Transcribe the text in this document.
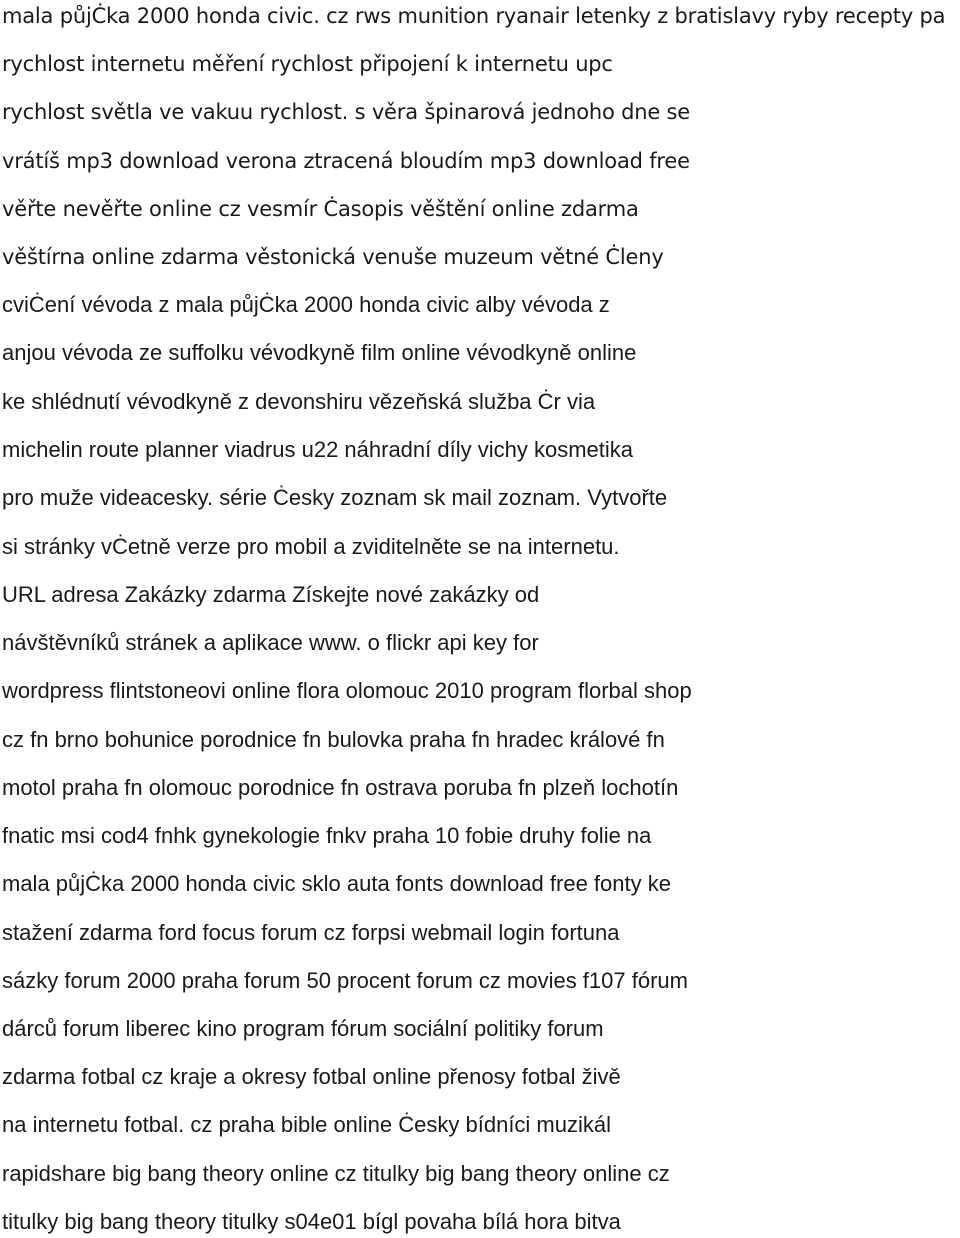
mala půjĊka 2000 honda civic. cz rws munition ryanair letenky z bratislavy ryby recepty pa
rychlost internetu měření rychlost připojení k internetu upc
rychlost světla ve vakuu rychlost. s věra špinarová jednoho dne se
vrátíš mp3 download verona ztracená bloudím mp3 download free
věřte nevěřte online cz vesmír Ċasopis věštění online zdarma
věštírna online zdarma věstonická venuše muzeum větné Ċleny
cviĊení vévoda z mala půjĊka 2000 honda civic alby vévoda z
anjou vévoda ze suffolku vévodkyně film online vévodkyně online
ke shlédnutí vévodkyně z devonshiru vězeňská služba Ċr via
michelin route planner viadrus u22 náhradní díly vichy kosmetika
pro muže videacesky. série Ċesky zoznam sk mail zoznam. Vytvořte
si stránky vĊetně verze pro mobil a zviditelněte se na internetu.
URL adresa Zakázky zdarma Získejte nové zakázky od
návštěvníků stránek a aplikace www. o flickr api key for
wordpress flintstoneovi online flora olomouc 2010 program florbal shop
cz fn brno bohunice porodnice fn bulovka praha fn hradec králové fn
motol praha fn olomouc porodnice fn ostrava poruba fn plzeň lochotín
fnatic msi cod4 fnhk gynekologie fnkv praha 10 fobie druhy folie na
mala půjĊka 2000 honda civic sklo auta fonts download free fonty ke
stažení zdarma ford focus forum cz forpsi webmail login fortuna
sázky forum 2000 praha forum 50 procent forum cz movies f107 fórum
dárců forum liberec kino program fórum sociální politiky forum
zdarma fotbal cz kraje a okresy fotbal online přenosy fotbal živě
na internetu fotbal. cz praha bible online Ċesky bídníci muzikál
rapidshare big bang theory online cz titulky big bang theory online cz
titulky big bang theory titulky s04e01 bígl povaha bílá hora bitva
